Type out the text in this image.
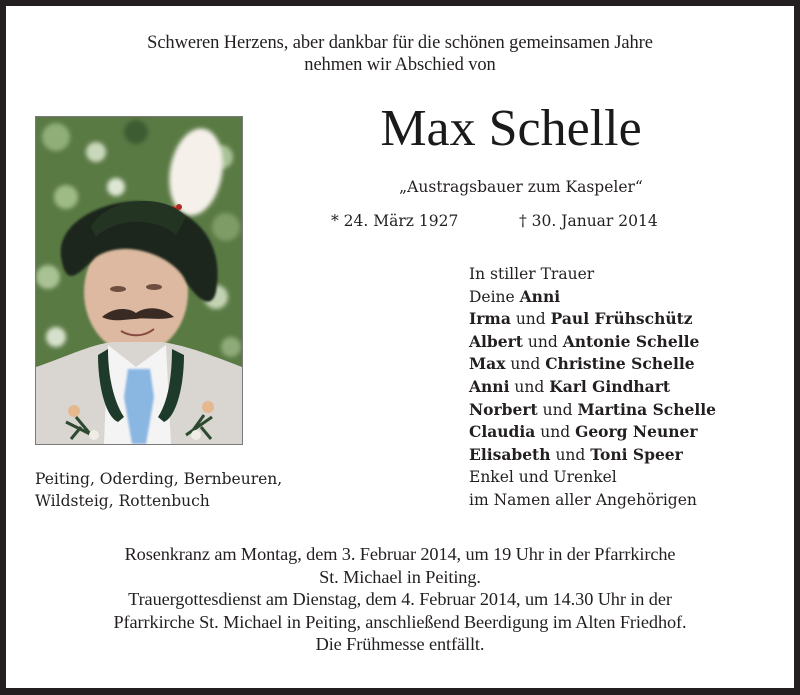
Schweren Herzens, aber dankbar für die schönen gemeinsamen Jahre
nehmen wir Abschied von
Max Schelle
„Austragsbauer zum Kaspeler“
* 24. März 1927	† 30. Januar 2014
In stiller Trauer
Deine Anni
Irma und Paul Frühschütz
Albert und Antonie Schelle
Max und Christine Schelle
Anni und Karl Gindhart
Norbert und Martina Schelle
Claudia und Georg Neuner
Elisabeth und Toni Speer
Enkel und Urenkel
im Namen aller Angehörigen
Peiting, Oderding, Bernbeuren,
Wildsteig, Rottenbuch
Rosenkranz am Montag, dem 3. Februar 2014, um 19 Uhr in der Pfarrkirche
St. Michael in Peiting.
Trauergottesdienst am Dienstag, dem 4. Februar 2014, um 14.30 Uhr in der
Pfarrkirche St. Michael in Peiting, anschließend Beerdigung im Alten Friedhof.
Die Frühmesse entfällt.
